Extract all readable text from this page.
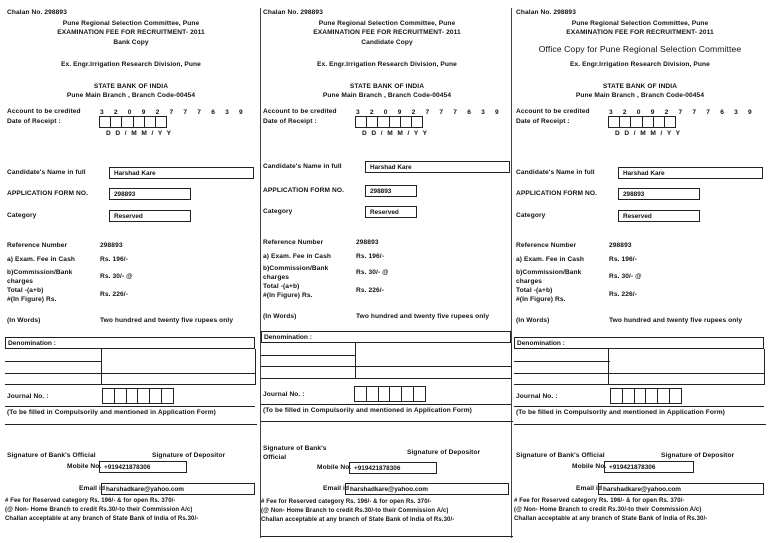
Chalan No. 298893
Pune Regional Selection Committee, Pune
EXAMINATION FEE FOR RECRUITMENT- 2011
Bank Copy
Ex. Engr.Irrigation Research Division, Pune
STATE BANK OF INDIA
Pune Main Branch , Branch Code-00454
Account to be credited	3 2 0 9 2 7 7 7 6 3 9
Date of Receipt :
D D / M M / Y Y
Candidate's Name in full	Harshad Kare
APPLICATION FORM NO.	298893
Category	Reserved
Reference Number	298893
a) Exam. Fee in Cash	Rs. 196/-
b)Commission/Bank
charges
Rs. 30/- @
Total -(a+b)
#(In Figure) Rs.
Rs. 226/-
(In Words)	Two hundred and twenty five rupees only
Denomination :
Journal No. :
(To be filled in Compulsorily and mentioned in Application Form)
Signature of Bank's Official	Signature of Depositor
Mobile No. +919421878306
Email id harshadkare@yahoo.com
# Fee for Reserved category Rs. 196/- & for open Rs. 370/-
(@ Non- Home Branch to credit Rs.30/-to their Commission A/c)
Challan acceptable at any branch of State Bank of India of Rs.30/-
Chalan No. 298893
Pune Regional Selection Committee, Pune
EXAMINATION FEE FOR RECRUITMENT- 2011
Candidate Copy
Ex. Engr.Irrigation Research Division, Pune
STATE BANK OF INDIA
Pune Main Branch , Branch Code-00454
Account to be credited	3 2 0 9 2 7 7 7 6 3 9
Date of Receipt :
D D / M M / Y Y
Candidate's Name in full	Harshad Kare
APPLICATION FORM NO.	298893
Category	Reserved
Reference Number	298893
a) Exam. Fee in Cash	Rs. 196/-
b)Commission/Bank
charges
Rs. 30/- @
Total -(a+b)
#(In Figure) Rs.
Rs. 226/-
(In Words)	Two hundred and twenty five rupees only
Denomination :
Journal No. :
(To be filled in Compulsorily and mentioned in Application Form)
Signature of Bank's Official
Signature of Depositor
Mobile No. +919421878306
Email id harshadkare@yahoo.com
# Fee for Reserved category Rs. 196/- & for open Rs. 370/-
(@ Non- Home Branch to credit Rs.30/-to their Commission A/c)
Challan acceptable at any branch of State Bank of India of Rs.30/-
Chalan No. 298893
Pune Regional Selection Committee, Pune
EXAMINATION FEE FOR RECRUITMENT- 2011
Office Copy for Pune Regional Selection Committee
Ex. Engr.Irrigation Research Division, Pune
STATE BANK OF INDIA
Pune Main Branch , Branch Code-00454
Account to be credited	3 2 0 9 2 7 7 7 6 3 9
Date of Receipt :
D D / M M / Y Y
Candidate's Name in full	Harshad Kare
APPLICATION FORM NO.	298893
Category	Reserved
Reference Number	298893
a) Exam. Fee in Cash	Rs. 196/-
b)Commission/Bank
charges
Rs. 30/- @
Total -(a+b)
#(In Figure) Rs.
Rs. 226/-
(In Words)	Two hundred and twenty five rupees only
Denomination :
Journal No. :
(To be filled in Compulsorily and mentioned in Application Form)
Signature of Bank's Official	Signature of Depositor
Mobile No. +919421878306
Email id harshadkare@yahoo.com
# Fee for Reserved category Rs. 196/- & for open Rs. 370/-
(@ Non- Home Branch to credit Rs.30/-to their Commission A/c)
Challan acceptable at any branch of State Bank of India of Rs.30/-
